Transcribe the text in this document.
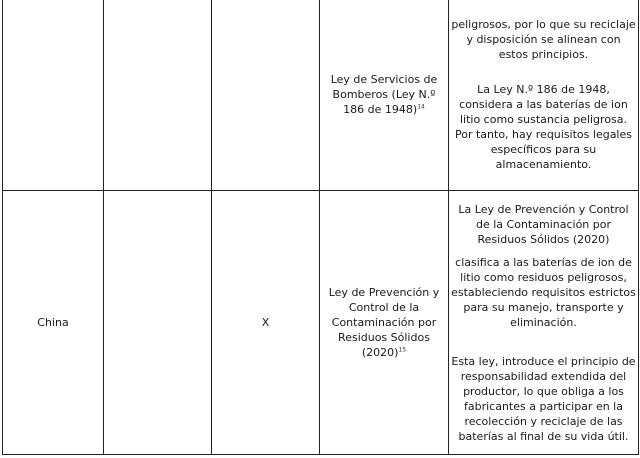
			Ley de Servicios de Bomberos (Ley N.º 186 de 1948)$^{14}$	peligrosos, por lo que su reciclaje y disposición se alinean con estos principios.

La Ley N.º 186 de 1948, considera a las baterías de ion litio como sustancia peligrosa. Por tanto, hay requisitos legales específicos para su almacenamiento.

China		X	Ley de Prevención y Control de la Contaminación por Residuos Sólidos (2020)$^{15}$	La Ley de Prevención y Control de la Contaminación por Residuos Sólidos (2020)

clasifica a las baterías de ion de litio como residuos peligrosos, estableciendo requisitos estrictos para su manejo, transporte y eliminación.

Esta ley, introduce el principio de responsabilidad extendida del productor, lo que obliga a los fabricantes a participar en la recolección y reciclaje de las baterías al final de su vida útil.
